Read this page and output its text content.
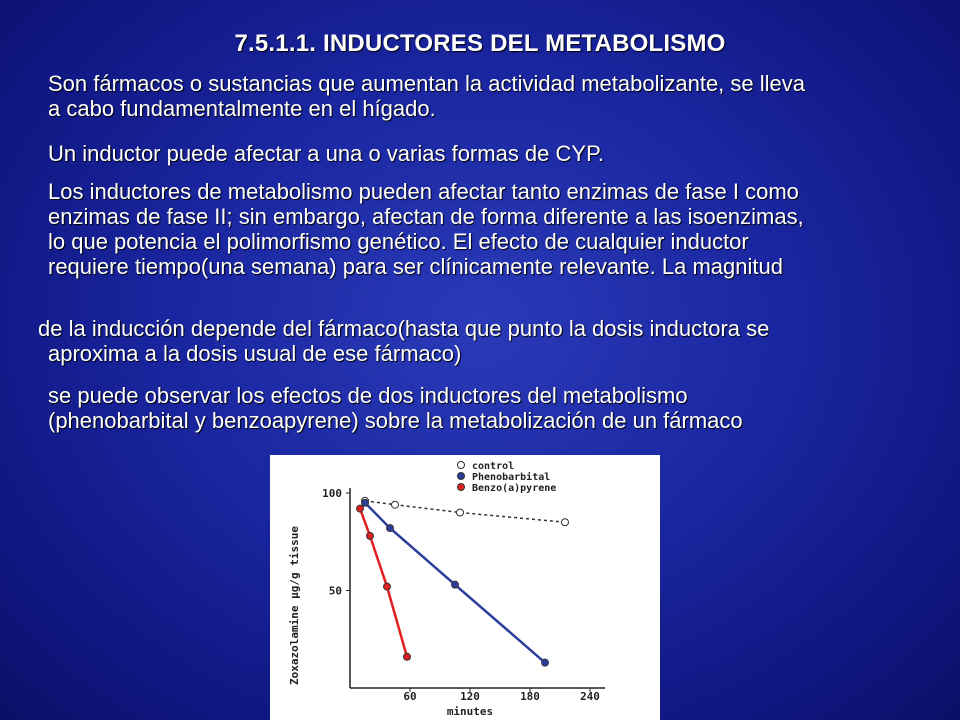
7.5.1.1. INDUCTORES DEL METABOLISMO
Son fármacos o sustancias que aumentan la actividad metabolizante, se lleva
a cabo fundamentalmente en el hígado.
Un inductor puede afectar a una o varias formas de CYP.
Los inductores de metabolismo pueden afectar tanto enzimas de fase I como
enzimas de fase II; sin embargo, afectan de forma diferente a las isoenzimas,
lo que potencia el polimorfismo genético. El efecto de cualquier inductor
requiere tiempo(una semana) para ser clínicamente relevante. La magnitud
de la inducción depende del fármaco(hasta que punto la dosis inductora se
aproxima a la dosis usual de ese fármaco)
se puede observar los efectos de dos inductores del metabolismo
(phenobarbital y benzoapyrene) sobre la metabolización de un fármaco
60	120	180	240
100
50
minutes
Zoxazolamine µg/g tissue
control
Phenobarbital
Benzo(a)pyrene
